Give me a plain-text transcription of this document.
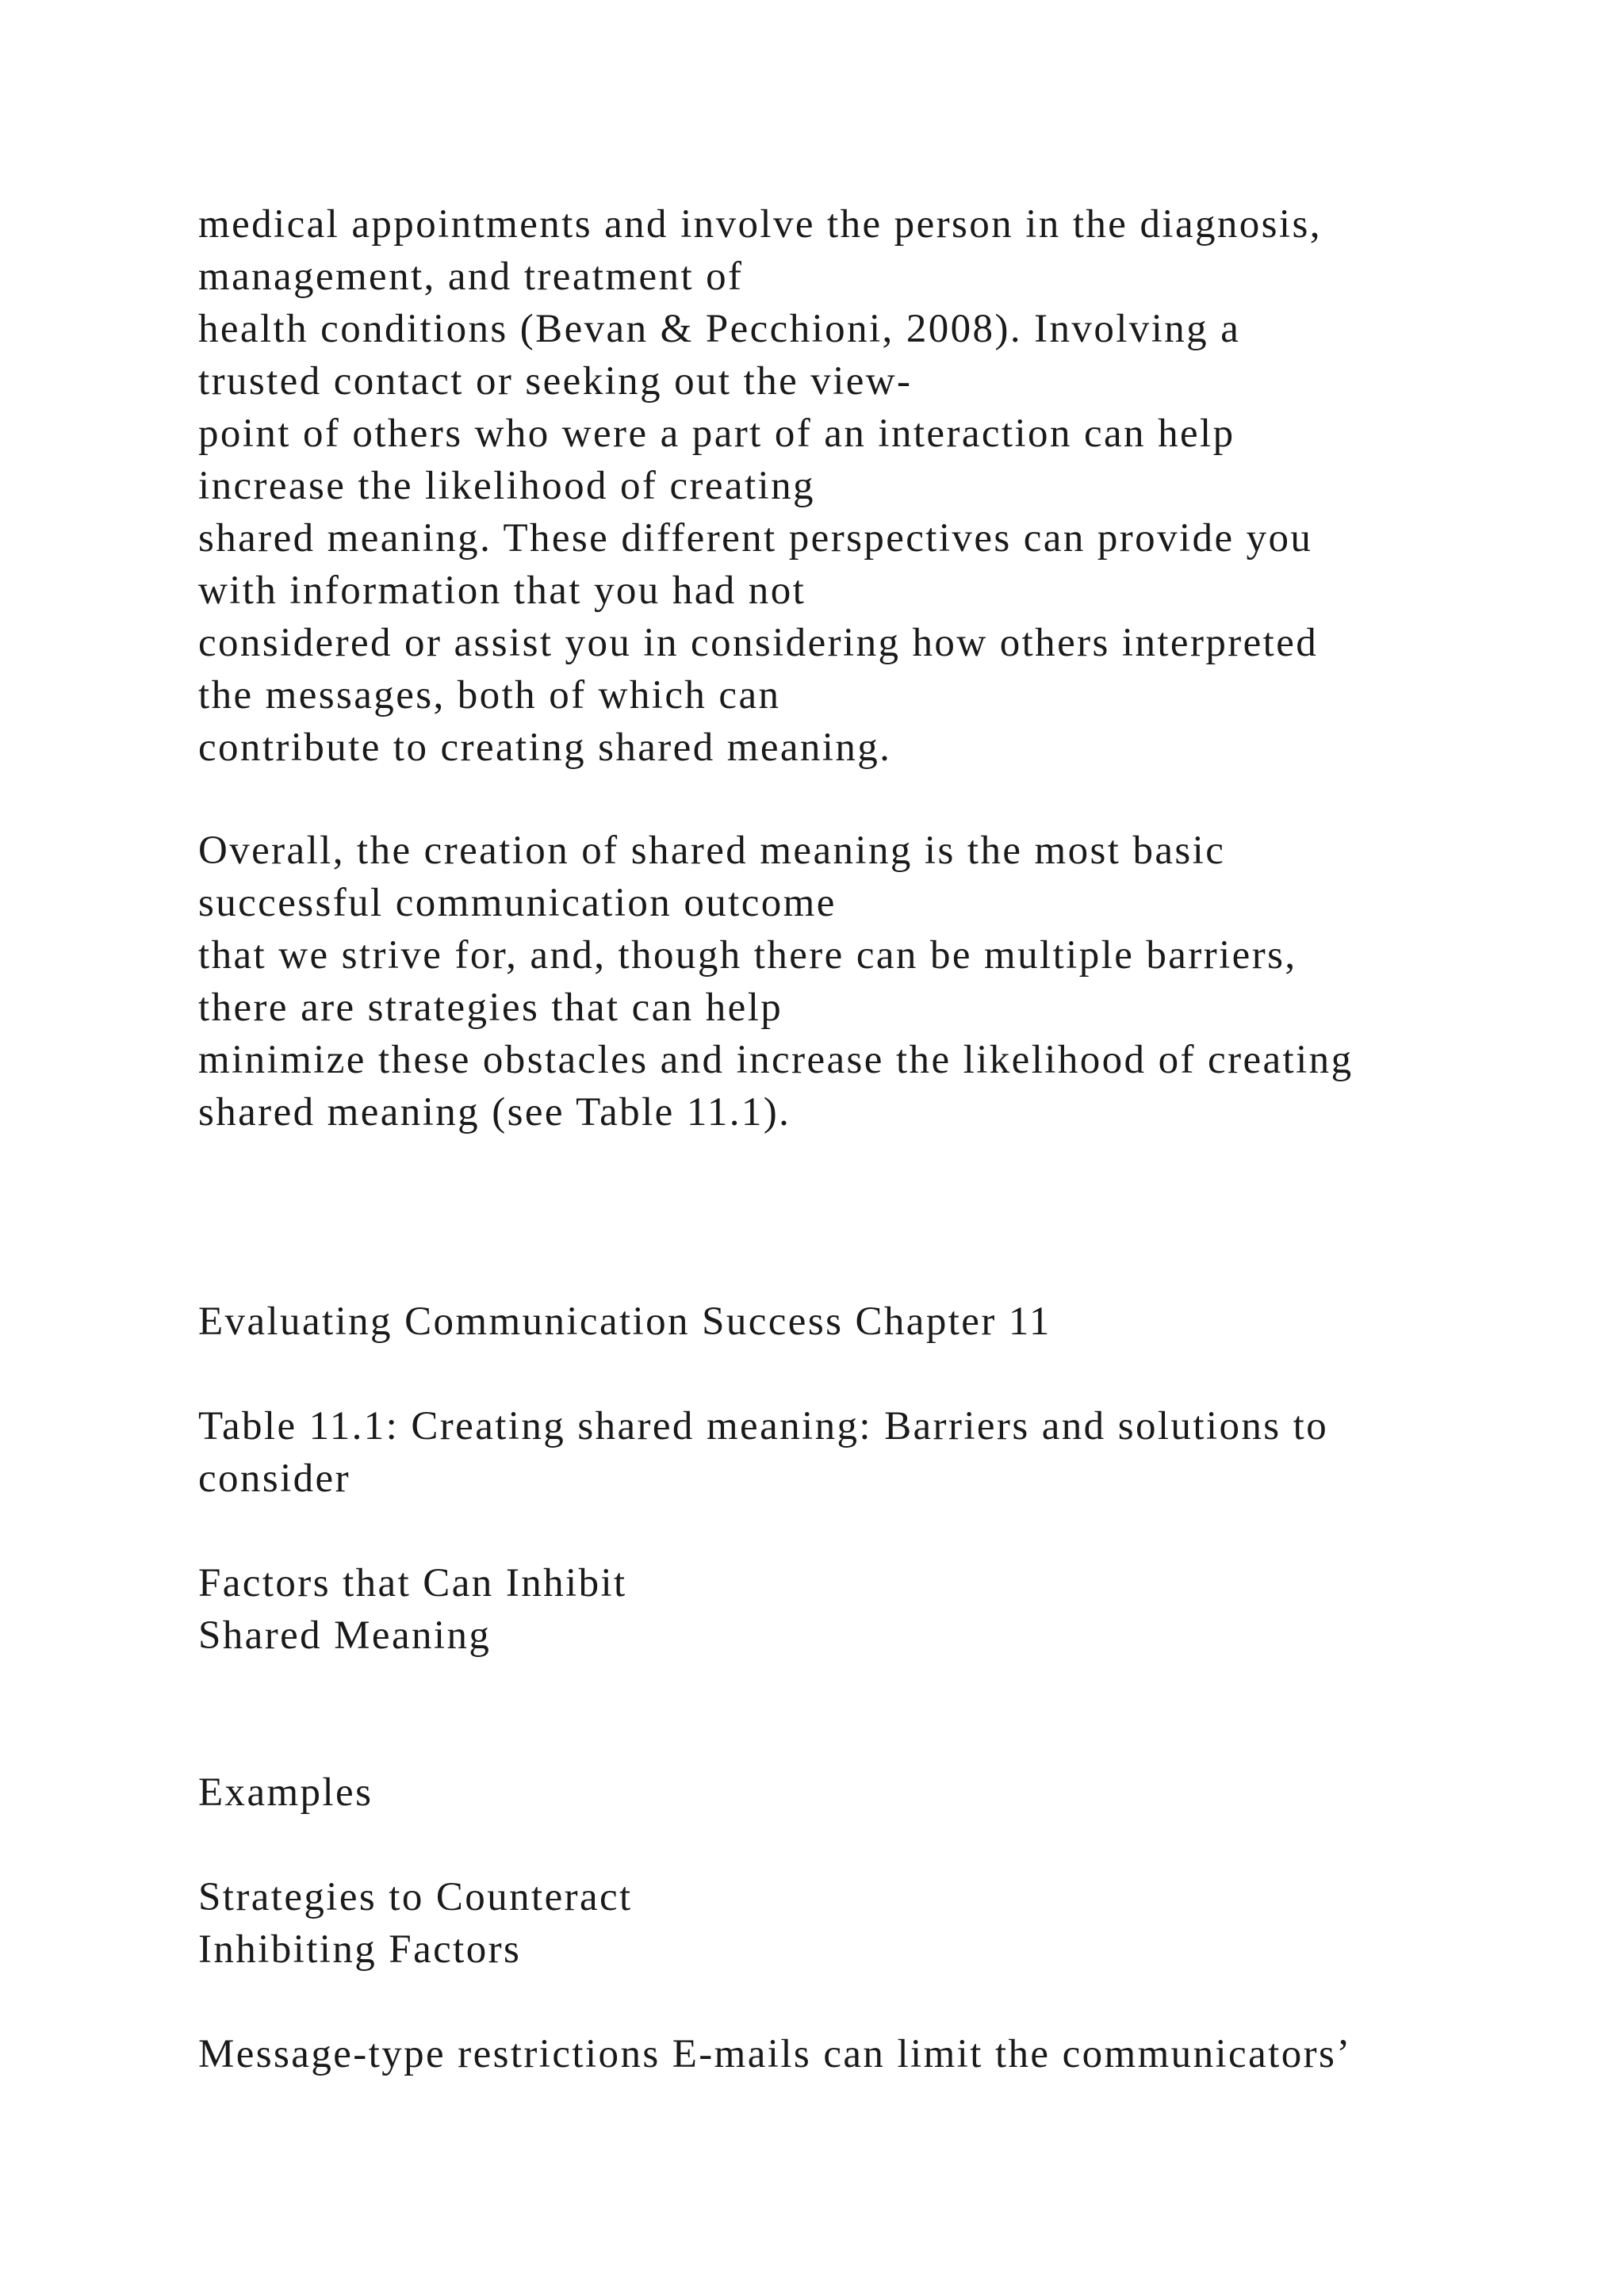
medical appointments and involve the person in the diagnosis,
management, and treatment of
health conditions (Bevan & Pecchioni, 2008). Involving a
trusted contact or seeking out the view-
point of others who were a part of an interaction can help
increase the likelihood of creating
shared meaning. These different perspectives can provide you
with information that you had not
considered or assist you in considering how others interpreted
the messages, both of which can
contribute to creating shared meaning.
Overall, the creation of shared meaning is the most basic
successful communication outcome
that we strive for, and, though there can be multiple barriers,
there are strategies that can help
minimize these obstacles and increase the likelihood of creating
shared meaning (see Table 11.1).
Evaluating Communication Success Chapter 11
Table 11.1: Creating shared meaning: Barriers and solutions to
consider
Factors that Can Inhibit
Shared Meaning
Examples
Strategies to Counteract
Inhibiting Factors
Message-type restrictions E-mails can limit the communicators’
